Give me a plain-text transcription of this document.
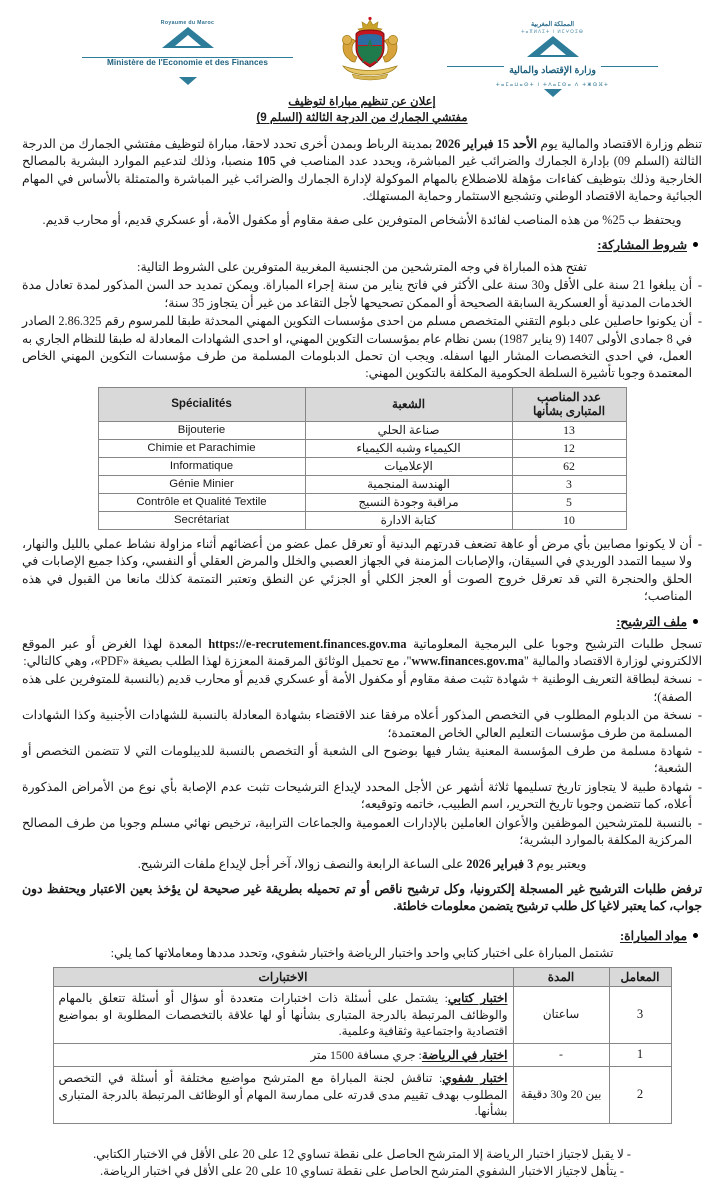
Royaume du Maroc
Ministère de l'Economie et des Finances
المملكة المغربية
ⵜⴰⴳⵍⴷⵉⵜ ⵏ ⵍⵎⵖⵔⵉⴱ
وزارة الإقتصاد والمالية
ⵜⴰⵎⴰⵡⴰⵙⵜ ⵏ ⵜⴷⴰⵎⵙⴰ ⴷ ⵜⵥⵕⴼⵜ
إعلان عن تنظيم مباراة لتوظيف
مفتشي الجمارك من الدرجة الثالثة (السلم 9)

تنظم وزارة الاقتصاد والمالية يوم الأحد 15 فبراير 2026 بمدينة الرباط وبمدن أخرى تحدد لاحقا، مباراة لتوظيف مفتشي الجمارك من الدرجة الثالثة (السلم 09) بإدارة الجمارك والضرائب غير المباشرة، ويحدد عدد المناصب في 105 منصبا، وذلك لتدعيم الموارد البشرية بالمصالح الخارجية وذلك بتوظيف كفاءات مؤهلة للاضطلاع بالمهام الموكولة لإدارة الجمارك والضرائب غير المباشرة والمتمثلة بالأساس في المهام الجبائية وحماية الاقتصاد الوطني وتشجيع الاستثمار وحماية المستهلك.

ويحتفظ ب 25% من هذه المناصب لفائدة الأشخاص المتوفرين على صفة مقاوم أو مكفول الأمة، أو عسكري قديم، أو محارب قديم.

شروط المشاركة:

تفتح هذه المباراة في وجه المترشحين من الجنسية المغربية المتوفرين على الشروط التالية:

- أن يبلغوا 21 سنة على الأقل و30 سنة على الأكثر في فاتح يناير من سنة إجراء المباراة. ويمكن تمديد حد السن المذكور لمدة تعادل مدة الخدمات المدنية أو العسكرية السابقة الصحيحة أو الممكن تصحيحها لأجل التقاعد من غير أن يتجاوز 35 سنة؛
- أن يكونوا حاصلين على دبلوم التقني المتخصص مسلم من احدى مؤسسات التكوين المهني المحدثة طبقا للمرسوم رقم 2.86.325 الصادر في 8 جمادى الأولى 1407 (9 يناير 1987) بسن نظام عام بمؤسسات التكوين المهني، او احدى الشهادات المعادلة له طبقا للنظام الجاري به العمل، في احدى التخصصات المشار اليها اسفله. ويجب ان تحمل الدبلومات المسلمة من طرف مؤسسات التكوين المهني الخاص المعتمدة وجوبا تأشيرة السلطة الحكومية المكلفة بالتكوين المهني:
عدد المناصب
المتبارى بشأنها	الشعبة	Spécialités
13	صناعة الحلي	Bijouterie
12	الكيمياء وشبه الكيمياء	Chimie et Parachimie
62	الإعلاميات	Informatique
3	الهندسة المنجمية	Génie Minier
5	مراقبة وجودة النسيج	Contrôle et Qualité Textile
10	كتابة الادارة	Secrétariat
- أن لا يكونوا مصابين بأي مرض أو عاهة تضعف قدرتهم البدنية أو تعرقل عمل عضو من أعضائهم أثناء مزاولة نشاط عملي بالليل والنهار، ولا سيما التمدد الوريدي في السيقان، والإصابات المزمنة في الجهاز العصبي والخلل والمرض العقلي أو النفسي، وكذا جميع الإصابات في الحلق والحنجرة التي قد تعرقل خروج الصوت أو العجز الكلي أو الجزئي عن النطق وتعتبر التمتمة كذلك مانعا من القبول في هذه المناصب؛
ملف الترشيح:

تسجل طلبات الترشيح وجوبا على البرمجية المعلوماتية https://e-recrutement.finances.gov.ma المعدة لهذا الغرض أو عبر الموقع الالكتروني لوزارة الاقتصاد والمالية "www.finances.gov.ma"، مع تحميل الوثائق المرقمنة المعززة لهذا الطلب بصيغة «PDF»، وهي كالتالي:

- نسخة لبطاقة التعريف الوطنية + شهادة تثبت صفة مقاوم أو مكفول الأمة أو عسكري قديم أو محارب قديم (بالنسبة للمتوفرين على هذه الصفة)؛
- نسخة من الدبلوم المطلوب في التخصص المذكور أعلاه مرفقا عند الاقتضاء بشهادة المعادلة بالنسبة للشهادات الأجنبية وكذا الشهادات المسلمة من طرف مؤسسات التعليم العالي الخاص المعتمدة؛
- شهادة مسلمة من طرف المؤسسة المعنية يشار فيها بوضوح الى الشعبة أو التخصص بالنسبة للديبلومات التي لا تتضمن التخصص أو الشعبة؛
- شهادة طبية لا يتجاوز تاريخ تسليمها ثلاثة أشهر عن الأجل المحدد لإيداع الترشيحات تثبت عدم الإصابة بأي نوع من الأمراض المذكورة أعلاه، كما تتضمن وجوبا تاريخ التحرير، اسم الطبيب، خاتمه وتوقيعه؛
- بالنسبة للمترشحين الموظفين والأعوان العاملين بالإدارات العمومية والجماعات الترابية، ترخيص نهائي مسلم وجوبا من طرف المصالح المركزية المكلفة بالموارد البشرية؛

ويعتبر يوم 3 فبراير 2026 على الساعة الرابعة والنصف زوالا، آخر أجل لإيداع ملفات الترشيح.

ترفض طلبات الترشيح غير المسجلة إلكترونيا، وكل ترشيح ناقص أو تم تحميله بطريقة غير صحيحة لن يؤخذ بعين الاعتبار ويحتفظ دون جواب، كما يعتبر لاغيا كل طلب ترشيح يتضمن معلومات خاطئة.

مواد المباراة:

تشتمل المباراة على اختبار كتابي واحد واختبار الرياضة واختبار شفوي، وتحدد مددها ومعاملاتها كما يلي:

المعامل	المدة	الاختبارات
3	ساعتان	اختبار كتابي: يشتمل على أسئلة ذات اختبارات متعددة أو سؤال أو أسئلة تتعلق بالمهام والوظائف المرتبطة بالدرجة المتبارى بشأنها أو لها علاقة بالتخصصات المطلوبة او بمواضيع اقتصادية واجتماعية وثقافية وعلمية.
1	-	اختبار في الرياضة: جري مسافة 1500 متر
2	بين 20 و30 دقيقة	اختبار شفوي: تناقش لجنة المباراة مع المترشح مواضيع مختلفة أو أسئلة في التخصص المطلوب بهدف تقييم مدى قدرته على ممارسة المهام أو الوظائف المرتبطة بالدرجة المتبارى بشأنها.
- لا يقبل لاجتياز اختبار الرياضة إلا المترشح الحاصل على نقطة تساوي 12 على 20 على الأقل في الاختبار الكتابي.
- يتأهل لاجتياز الاختبار الشفوي المترشح الحاصل على نقطة تساوي 10 على 20 على الأقل في اختبار الرياضة.
